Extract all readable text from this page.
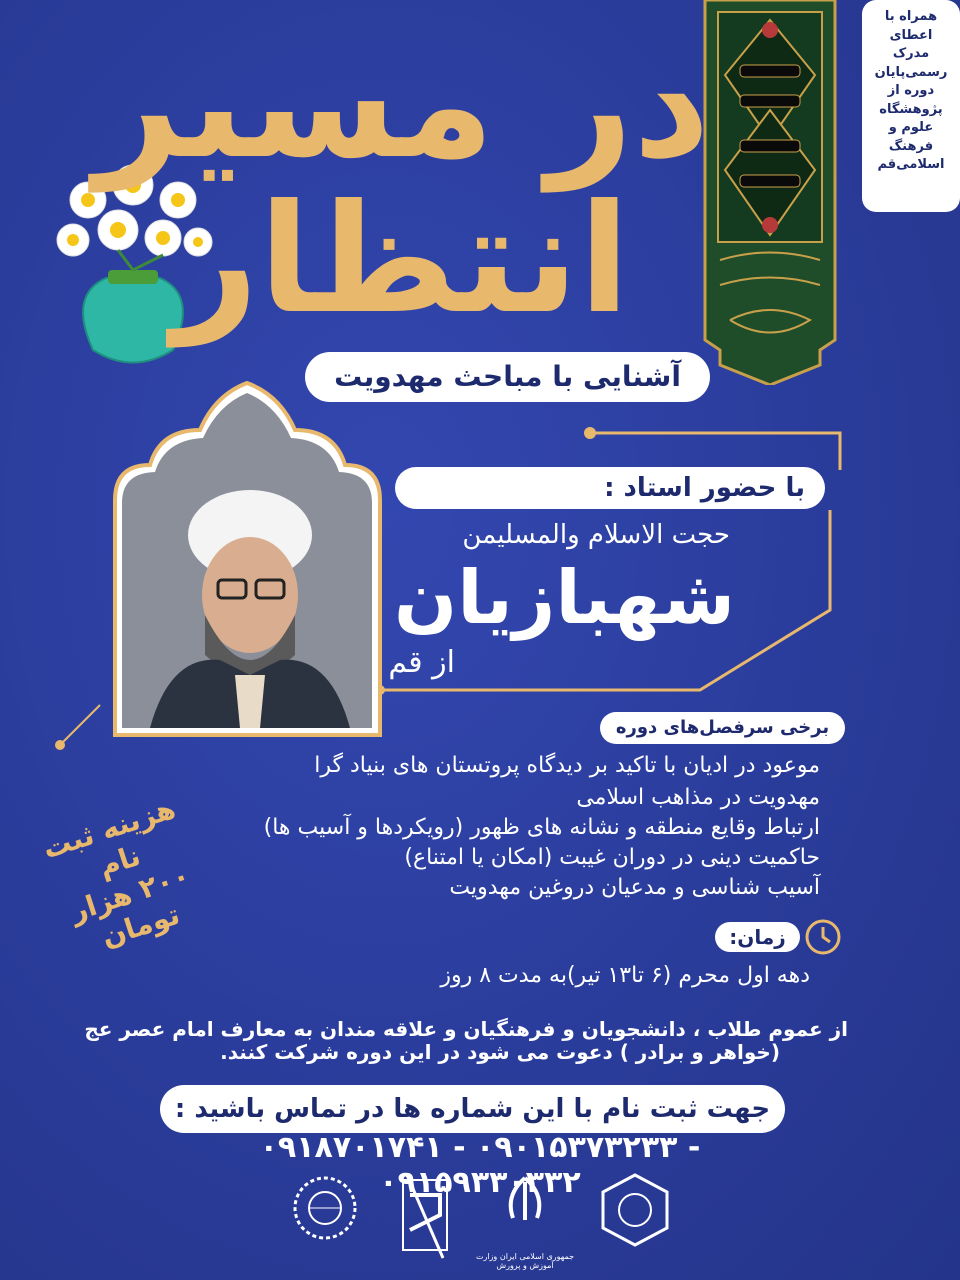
در مسیر
انتظار
آشنایی با مباحث مهدویت
با حضور استاد :
حجت الاسلام والمسلیمن
شهبازیان
از قم
همراه با
اعطای
مدرک
رسمی‌پایان
دوره از
پژوهشگاه
علوم و
فرهنگ
اسلامی‌قم
برخی سرفصل‌های دوره
موعود در ادیان با تاکید بر دیدگاه پروتستان های بنیاد گرا
مهدویت در مذاهب اسلامی
ارتباط وقایع منطقه و نشانه های ظهور (رویکردها و آسیب ها)
حاکمیت دینی در دوران غیبت (امکان یا امتناع)
آسیب شناسی و مدعیان دروغین مهدویت
هزینه ثبت نام
۲۰۰ هزار تومان	زمان:
دهه اول محرم (۶ تا۱۳ تیر)به مدت ۸ روز
از عموم طلاب ، دانشجویان و فرهنگیان و علاقه مندان به معارف امام عصر عج
(خواهر و برادر ) دعوت می شود در این دوره شرکت کنند.
جهت ثبت نام با این شماره ها در تماس باشید :
۰۹۱۸۷۰۱۷۴۱ - ۰۹۰۱۵۳۷۳۲۳۳ - ۰۹۱۵۹۳۳۰۳۳۲
جمهوری اسلامی ایران وزارت آموزش و پرورش
